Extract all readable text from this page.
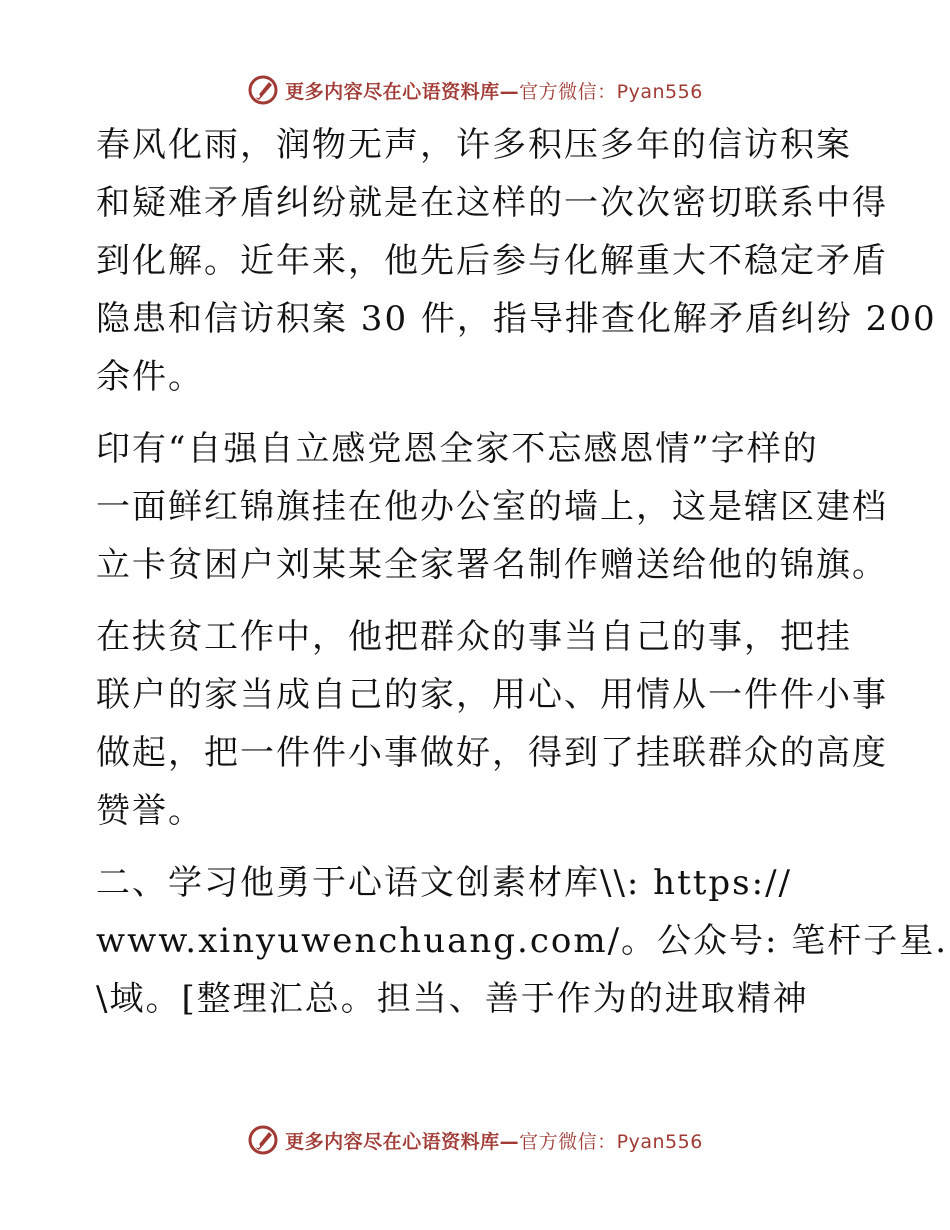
更多内容尽在心语资料库—官方微信：Pyan556

春风化雨，润物无声，许多积压多年的信访积案
和疑难矛盾纠纷就是在这样的一次次密切联系中得
到化解。近年来，他先后参与化解重大不稳定矛盾
隐患和信访积案 30 件，指导排查化解矛盾纠纷 200
余件。

印有“自强自立感党恩全家不忘感恩情”字样的
一面鲜红锦旗挂在他办公室的墙上，这是辖区建档
立卡贫困户刘某某全家署名制作赠送给他的锦旗。

在扶贫工作中，他把群众的事当自己的事，把挂
联户的家当成自己的家，用心、用情从一件件小事
做起，把一件件小事做好，得到了挂联群众的高度
赞誉。

二、学习他勇于心语文创素材库\\: https://
www.xinyuwenchuang.com/。公众号: 笔杆子星.
\域。[整理汇总。担当、善于作为的进取精神

更多内容尽在心语资料库—官方微信：Pyan556
